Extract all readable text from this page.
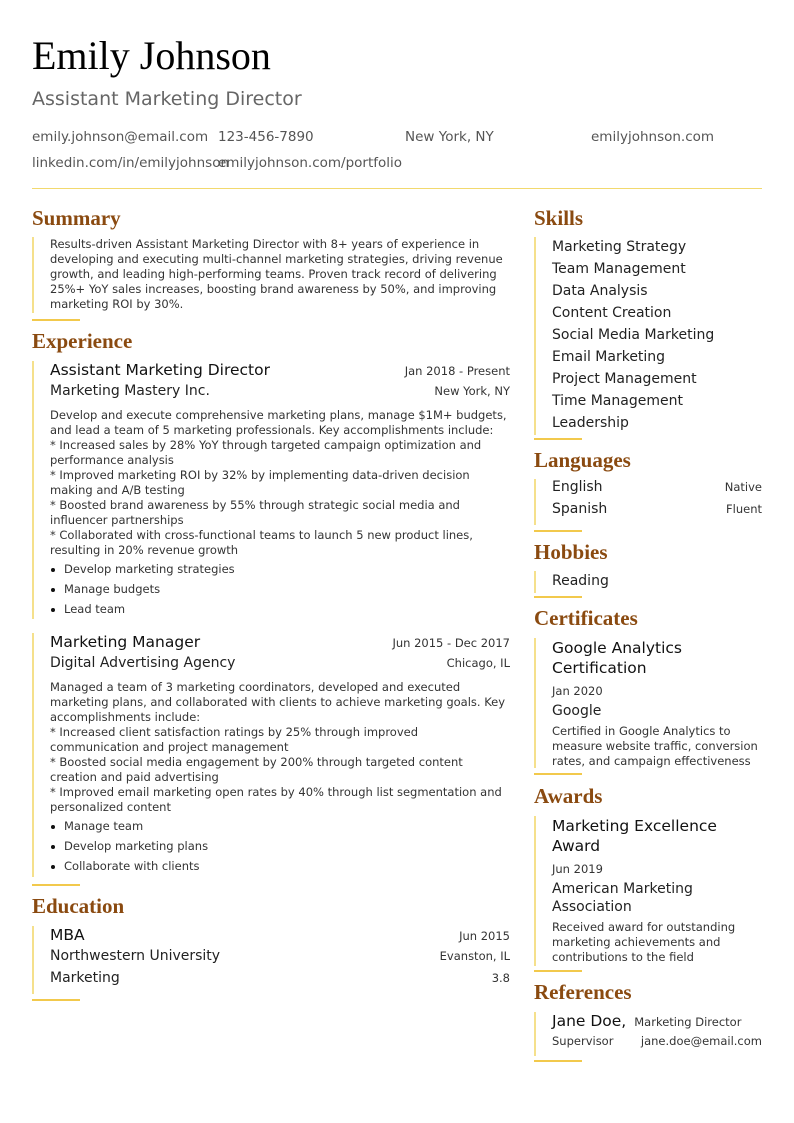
Emily Johnson
Assistant Marketing Director
emily.johnson@email.com 123-456-7890	New York, NY	emilyjohnson.com
linkedin.com/in/emilyjohnson
emilyjohnson.com/portfolio
Summary
Results-driven Assistant Marketing Director with 8+ years of experience in developing and executing multi-channel marketing strategies, driving revenue growth, and leading high-performing teams. Proven track record of delivering 25%+ YoY sales increases, boosting brand awareness by 50%, and improving marketing ROI by 30%.
Experience
Assistant Marketing Director	Jan 2018 - Present
Marketing Mastery Inc.	New York, NY
Develop and execute comprehensive marketing plans, manage $1M+ budgets, and lead a team of 5 marketing professionals. Key accomplishments include:
* Increased sales by 28% YoY through targeted campaign optimization and performance analysis
* Improved marketing ROI by 32% by implementing data-driven decision making and A/B testing
* Boosted brand awareness by 55% through strategic social media and influencer partnerships
* Collaborated with cross-functional teams to launch 5 new product lines, resulting in 20% revenue growth
Develop marketing strategies
Manage budgets
Lead team
Marketing Manager	Jun 2015 - Dec 2017
Digital Advertising Agency	Chicago, IL
Managed a team of 3 marketing coordinators, developed and executed marketing plans, and collaborated with clients to achieve marketing goals. Key accomplishments include:
* Increased client satisfaction ratings by 25% through improved communication and project management
* Boosted social media engagement by 200% through targeted content creation and paid advertising
* Improved email marketing open rates by 40% through list segmentation and personalized content
Manage team
Develop marketing plans
Collaborate with clients
Education
MBA	Jun 2015
Northwestern University	Evanston, IL
Marketing	3.8
Skills
Marketing Strategy
Team Management
Data Analysis
Content Creation
Social Media Marketing
Email Marketing
Project Management
Time Management
Leadership
Languages
English	Native
Spanish	Fluent
Hobbies
Reading
Certificates
Google Analytics Certification
Jan 2020
Google
Certified in Google Analytics to measure website traffic, conversion rates, and campaign effectiveness
Awards
Marketing Excellence Award
Jun 2019
American Marketing Association
Received award for outstanding marketing achievements and contributions to the field
References
Jane Doe, Marketing Director
Supervisor jane.doe@email.com
